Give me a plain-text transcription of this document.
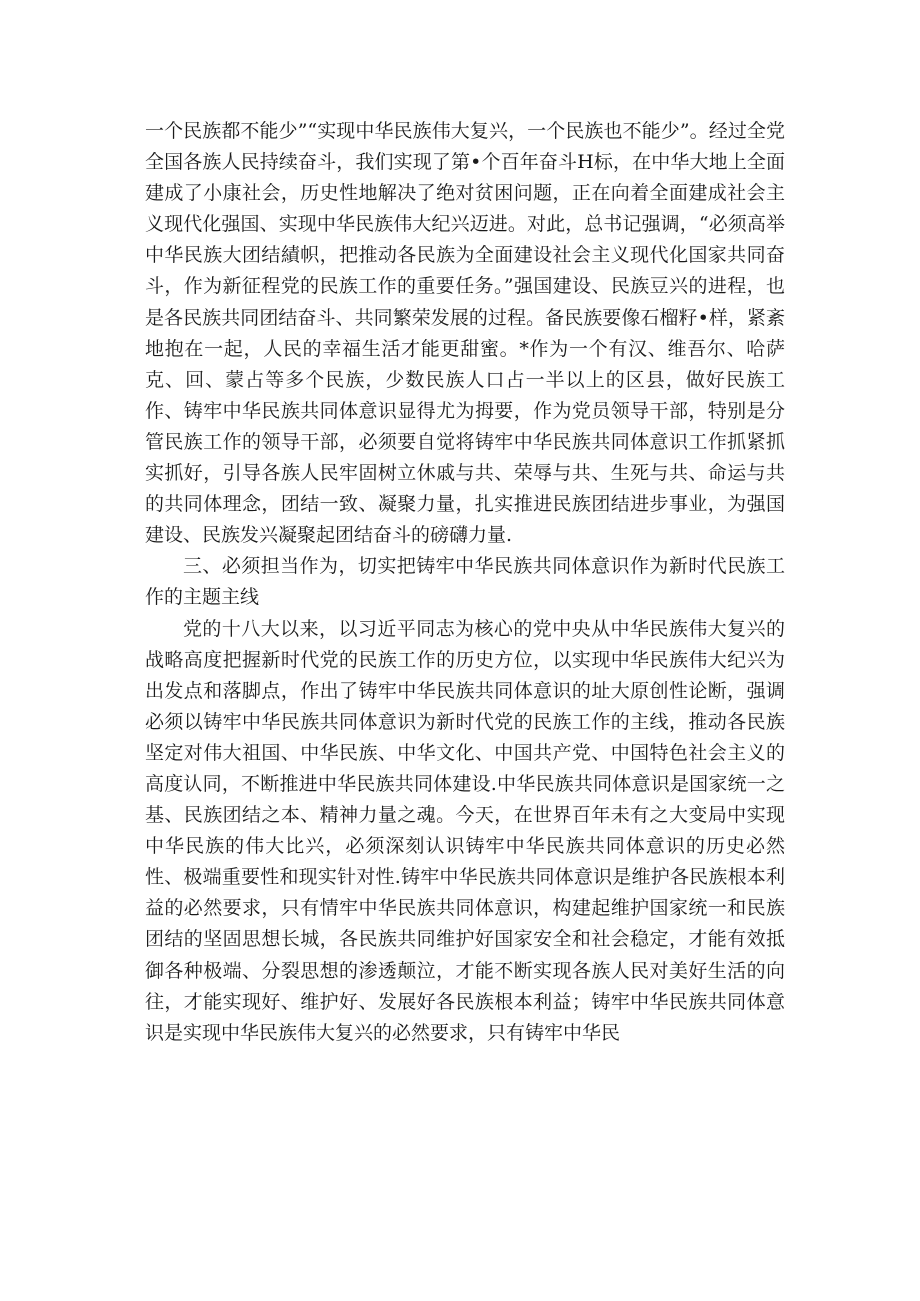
一个民族都不能少”“实现中华民族伟大复兴，一个民族也不能少”。经过全党全国各族人民持续奋斗，我们实现了第•个百年奋斗H标，在中华大地上全面建成了小康社会，历史性地解决了绝对贫困问题，正在向着全面建成社会主义现代化强国、实现中华民族伟大纪兴迈进。对此，总书记强调，“必须高举中华民族大团结績帜，把推动各民族为全面建设社会主义现代化国家共同奋斗，作为新征程党的民族工作的重要任务。”强国建设、民族豆兴的进程，也是各民族共同团结奋斗、共同繁荣发展的过程。备民族要像石榴籽•样，紧紊地抱在一起，人民的幸福生活才能更甜蜜。*作为一个有汉、维吾尔、哈萨克、回、蒙占等多个民族，少数民族人口占一半以上的区县，做好民族工作、铸牢中华民族共同体意识显得尤为拇要，作为党员领导干部，特别是分管民族工作的领导干部，必须要自觉将铸牢中华民族共同体意识工作抓紧抓实抓好，引导各族人民牢固树立休戚与共、荣辱与共、生死与共、命运与共的共同体理念，团结一致、凝聚力量，扎实推进民族团结进步事业，为强国建设、民族发兴凝聚起团结奋斗的磅礴力量.

三、必须担当作为，切实把铸牢中华民族共同体意识作为新时代民族工作的主题主线

党的十八大以来，以习近平同志为核心的党中央从中华民族伟大复兴的战略高度把握新时代党的民族工作的历史方位，以实现中华民族伟大纪兴为出发点和落脚点，作出了铸牢中华民族共同体意识的址大原创性论断，强调必须以铸牢中华民族共同体意识为新时代党的民族工作的主线，推动各民族坚定对伟大祖国、中华民族、中华文化、中国共产党、中国特色社会主义的高度认同，不断推进中华民族共同体建设.中华民族共同体意识是国家统一之基、民族团结之本、精神力量之魂。今天，在世界百年未有之大变局中实现中华民族的伟大比兴，必须深刻认识铸牢中华民族共同体意识的历史必然性、极端重要性和现实针对性.铸牢中华民族共同体意识是维护各民族根本利益的必然要求，只有情牢中华民族共同体意识，构建起维护国家统一和民族团结的坚固思想长城，各民族共同维护好国家安全和社会稳定，才能有效抵御各种极端、分裂思想的渗透颠泣，才能不断实现各族人民对美好生活的向往，才能实现好、维护好、发展好各民族根本利益；铸牢中华民族共同体意识是实现中华民族伟大复兴的必然要求，只有铸牢中华民
